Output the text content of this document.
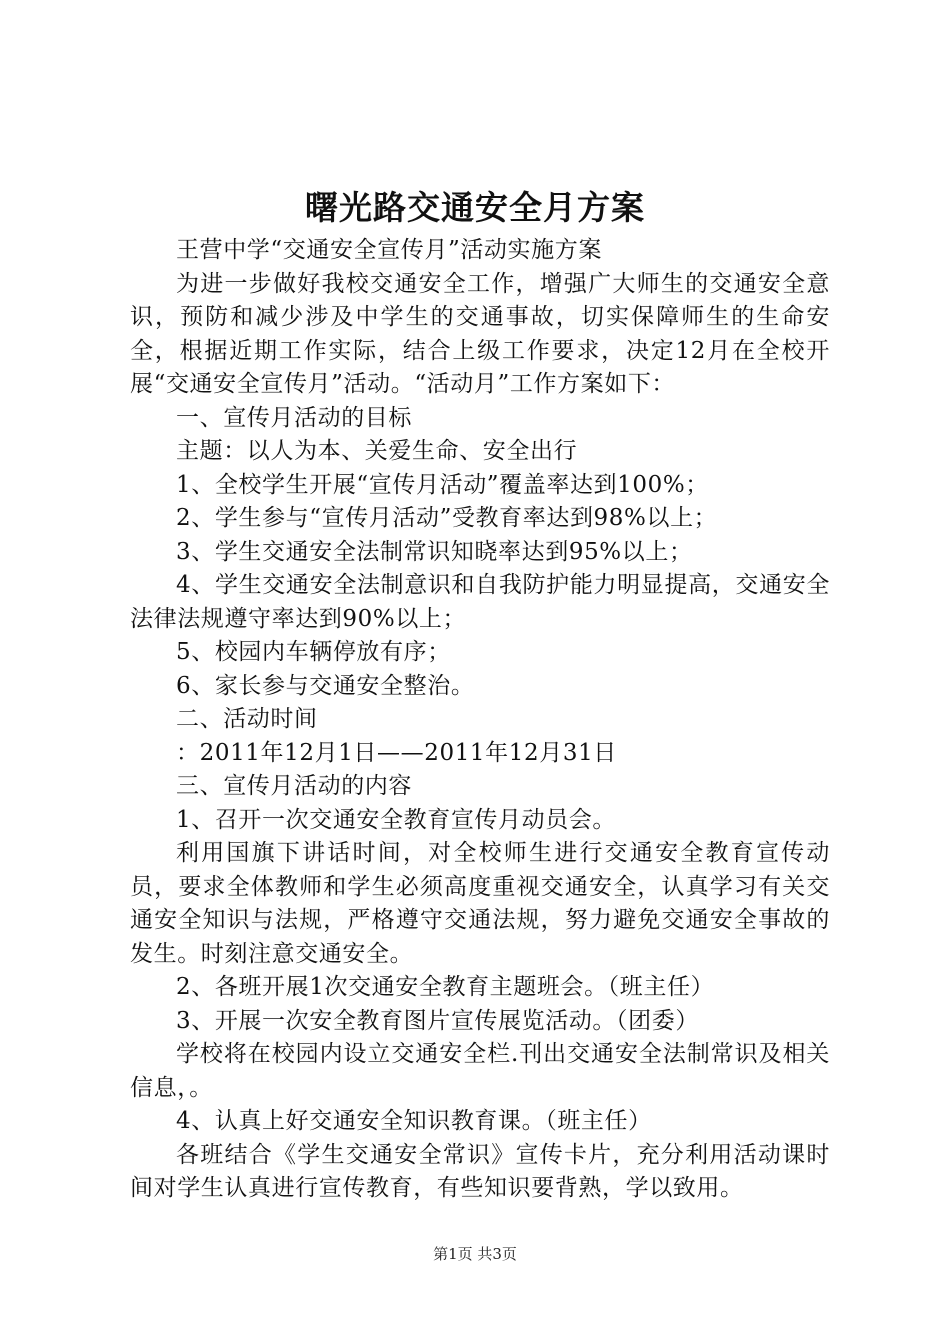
曙光路交通安全月方案

王营中学“交通安全宣传月”活动实施方案

为进一步做好我校交通安全工作，增强广大师生的交通安全意识，预防和减少涉及中学生的交通事故，切实保障师生的生命安全，根据近期工作实际，结合上级工作要求，决定12月在全校开展“交通安全宣传月”活动。“活动月”工作方案如下：

一、宣传月活动的目标

主题：以人为本、关爱生命、安全出行

1、全校学生开展“宣传月活动”覆盖率达到100%；

2、学生参与“宣传月活动”受教育率达到98%以上；

3、学生交通安全法制常识知晓率达到95%以上；

4、学生交通安全法制意识和自我防护能力明显提高，交通安全法律法规遵守率达到90%以上；

5、校园内车辆停放有序；

6、家长参与交通安全整治。

二、活动时间

：2011年12月1日——2011年12月31日

三、宣传月活动的内容

1、召开一次交通安全教育宣传月动员会。

利用国旗下讲话时间，对全校师生进行交通安全教育宣传动员，要求全体教师和学生必须高度重视交通安全，认真学习有关交通安全知识与法规，严格遵守交通法规，努力避免交通安全事故的发生。时刻注意交通安全。

2、各班开展1次交通安全教育主题班会。（班主任）

3、开展一次安全教育图片宣传展览活动。（团委）

学校将在校园内设立交通安全栏.刊出交通安全法制常识及相关信息，。

4、认真上好交通安全知识教育课。（班主任）

各班结合《学生交通安全常识》宣传卡片，充分利用活动课时间对学生认真进行宣传教育，有些知识要背熟，学以致用。

第1页 共3页
